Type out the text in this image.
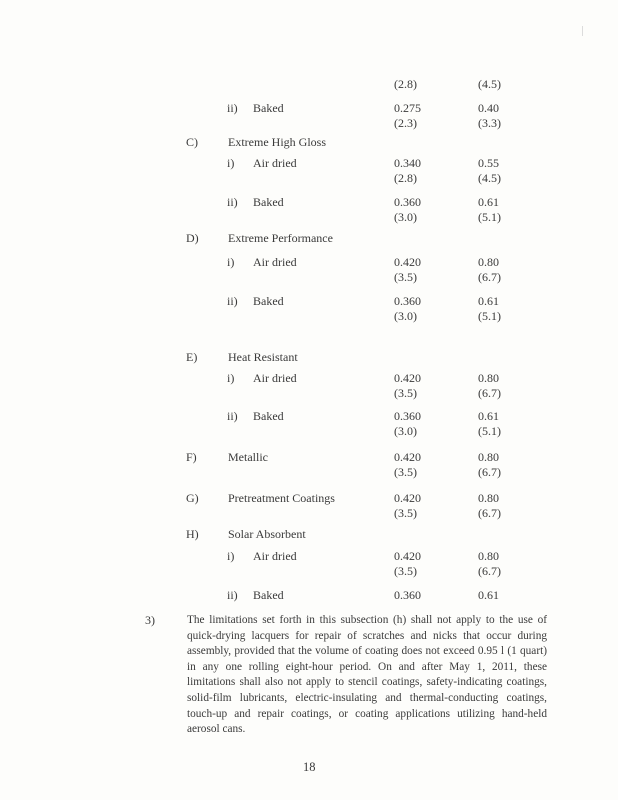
(2.8)	(4.5)
ii) Baked	0.275	0.40
(2.3)	(3.3)
C)	Extreme High Gloss
i) Air dried	0.340	0.55
(2.8)	(4.5)
ii) Baked	0.360	0.61
(3.0)	(5.1)
D) Extreme Performance
i) Air dried	0.420	0.80
(3.5)	(6.7)
ii) Baked	0.360	0.61
(3.0)	(5.1)
E)	Heat Resistant
i) Air dried	0.420	0.80
(3.5)	(6.7)
ii) Baked	0.360	0.61
(3.0)	(5.1)
F)	Metallic	0.420	0.80
(3.5)	(6.7)
G) Pretreatment Coatings	0.420	0.80
(3.5)	(6.7)
H) Solar Absorbent
i) Air dried	0.420	0.80
(3.5)	(6.7)
ii) Baked	0.360	0.61
3)	The limitations set forth in this subsection (h) shall not apply to the use of quick-drying lacquers for repair of scratches and nicks that occur during assembly, provided that the volume of coating does not exceed 0.95 l (1 quart) in any one rolling eight-hour period. On and after May 1, 2011, these limitations shall also not apply to stencil coatings, safety-indicating coatings, solid-film lubricants, electric-insulating and thermal-conducting coatings, touch-up and repair coatings, or coating applications utilizing hand-held aerosol cans.
18
